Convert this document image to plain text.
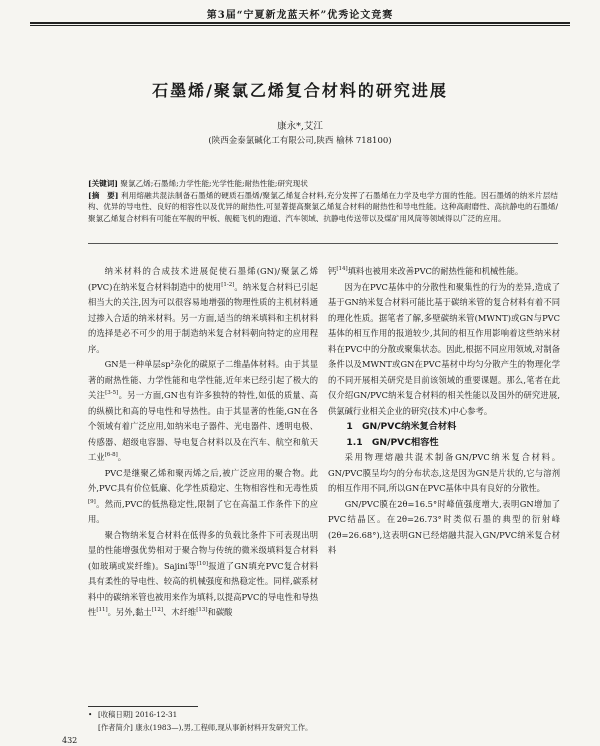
第3届“宁夏新龙蓝天杯”优秀论文竞赛
石墨烯/聚氯乙烯复合材料的研究进展
康永*,艾江
(陕西金泰氯碱化工有限公司,陕西 榆林 718100)

[关键词] 聚氯乙烯;石墨烯;力学性能;光学性能;耐热性能;研究现状

[摘　要] 利用熔融共混法制备石墨烯的硬质石墨烯/聚氯乙烯复合材料,充分发挥了石墨烯在力学及电学方面的性能。因石墨烯的纳米片层结构、优异的导电性、良好的相容性以及优异的耐热性,可显著提高聚氯乙烯复合材料的耐热性和导电性能。这种高耐磨性、高抗静电的石墨烯/聚氯乙烯复合材料有可能在军舰的甲板、舰艇飞机的跑道、汽车领域、抗静电传送带以及煤矿用风筒等领域得以广泛的应用。

纳米材料的合成技术进展促使石墨烯(GN)/聚氯乙烯(PVC)在纳米复合材料制造中的使用[1-2]。纳米复合材料已引起相当大的关注,因为可以很容易地增强的物理性质的主机材料通过掺入合适的纳米材料。另一方面,适当的纳米填料和主机材料的选择是必不可少的用于制造纳米复合材料朝向特定的应用程序。

GN是一种单层sp²杂化的碳原子二维晶体材料。由于其显著的耐热性能、力学性能和电学性能,近年来已经引起了极大的关注[3-5]。另一方面,GN也有许多独特的特性,如低的质量、高的纵横比和高的导电性和导热性。由于其显著的性能,GN在各个领域有着广泛应用,如纳米电子器件、光电器件、透明电极、传感器、超级电容器、导电复合材料以及在汽车、航空和航天工业[6-8]。

PVC是继聚乙烯和聚丙烯之后,被广泛应用的聚合物。此外,PVC具有价位低廉、化学性质稳定、生物相容性和无毒性质[9]。然而,PVC的低热稳定性,限制了它在高温工作条件下的应用。

聚合物纳米复合材料在低得多的负载比条件下可表现出明显的性能增强优势相对于聚合物与传统的微米级填料复合材料(如玻璃或炭纤维)。Sajini等[10]报道了GN填充PVC复合材料具有柔性的导电性、较高的机械强度和热稳定性。同样,碳系材料中的碳纳米管也被用来作为填料,以提高PVC的导电性和导热性[11]。另外,黏土[12]、木纤维[13]和碳酸

钙[14]填料也被用来改善PVC的耐热性能和机械性能。

因为在PVC基体中的分散性和聚集性的行为的差异,造成了基于GN纳米复合材料可能比基于碳纳米管的复合材料有着不同的理化性质。据笔者了解,多壁碳纳米管(MWNT)或GN与PVC基体的相互作用的报道较少,其间的相互作用影响着这些纳米材料在PVC中的分散或聚集状态。因此,根据不同应用领域,对制备条件以及MWNT或GN在PVC基材中均匀分散产生的物理化学的不同开展相关研究是目前该领域的重要课题。那么,笔者在此仅介绍GN/PVC纳米复合材料的相关性能以及国外的研究进展,供氯碱行业相关企业的研究(技术)中心参考。

1　GN/PVC纳米复合材料

1.1　GN/PVC相容性

采用物理熔融共混术制备GN/PVC纳米复合材料。GN/PVC膜呈均匀的分布状态,这是因为GN是片状的,它与溶剂的相互作用不同,所以GN在PVC基体中具有良好的分散性。

GN/PVC膜在2θ=16.5°时峰值强度增大,表明GN增加了PVC结晶区。在2θ=26.73°时类似石墨的典型的衍射峰(2θ=26.68°),这表明GN已经熔融共混入GN/PVC纳米复合材料

• [收稿日期] 2016-12-31
[作者简介] 康永(1983—),男,工程师,现从事新材料开发研究工作。
432
